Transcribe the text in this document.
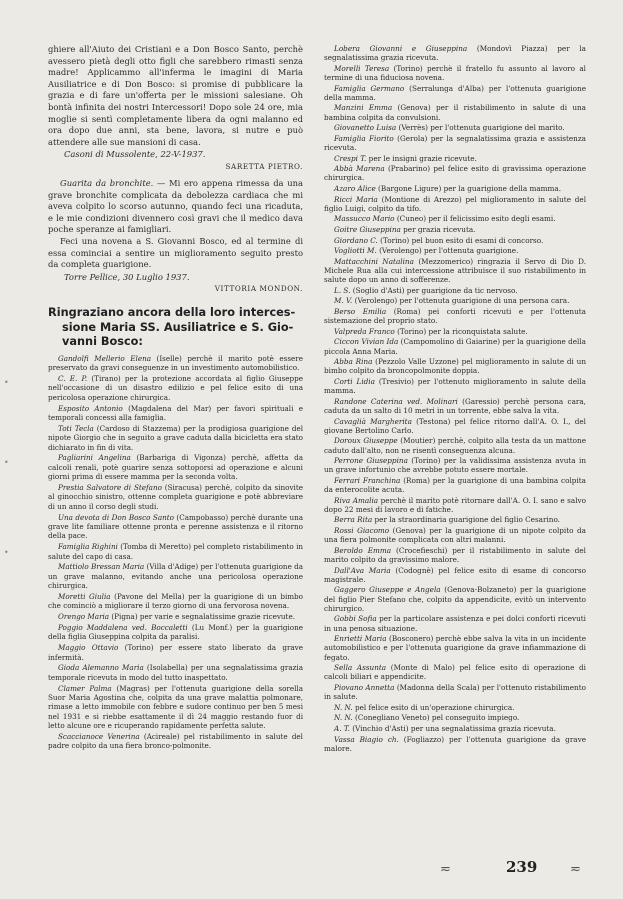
ghiere all'Aiuto dei Cristiani e a Don Bosco Santo, perchè avessero pietà degli otto figli che sarebbero rimasti senza madre! Applicammo all'inferma le imagini di Maria Ausiliatrice e di Don Bosco: si promise di pubblicare la grazia e di fare un'offerta per le missioni salesiane. Oh bontà infinita dei nostri Intercessori! Dopo sole 24 ore, mia moglie si sentì completamente libera da ogni malanno ed ora dopo due anni, sta bene, lavora, si nutre e può attendere alle sue mansioni di casa.

Casoni di Mussolente, 22-V-1937.

SARETTA PIETRO.

Guarita da bronchite. — Mi ero appena rimessa da una grave bronchite complicata da debolezza cardiaca che mi aveva colpito lo scorso autunno, quando feci una ricaduta, e le mie condizioni divennero così gravi che il medico dava poche speranze ai famigliari.

Feci una novena a S. Giovanni Bosco, ed al termine di essa cominciai a sentire un miglioramento seguito presto da completa guarigione.

Torre Pellice, 30 Luglio 1937.

VITTORIA MONDON.

Ringraziano ancora della loro interces-
sione Maria SS. Ausiliatrice e S. Gio-
vanni Bosco:

Gandolfi Mellerio Elena (Iselle) perchè il marito potè essere preservato da gravi conseguenze in un investimento automobilistico.

C. E. P. (Tirano) per la protezione accordata al figlio Giuseppe nell'occasione di un disastro edilizio e pel felice esito di una pericolosa operazione chirurgica.

Esposito Antonio (Magdalena del Mar) per favori spirituali e temporali concessi alla famiglia.

Toti Tecla (Cardoso di Stazzema) per la prodigiosa guarigione del nipote Giorgio che in seguito a grave caduta dalla bicicletta era stato dichiarato in fin di vita.

Pagliarini Angelina (Barbariga di Vigonza) perchè, affetta da calcoli renali, potè guarire senza sottoporsi ad operazione e alcuni giorni prima di essere mamma per la seconda volta.

Prestia Salvatore di Stefano (Siracusa) perchè, colpito da sinovite al ginocchio sinistro, ottenne completa guarigione e potè abbreviare di un anno il corso degli studi.

Una devota di Don Bosco Santo (Campobasso) perchè durante una grave lite familiare ottenne pronta e perenne assistenza e il ritorno della pace.

Famiglia Righini (Tomba di Meretto) pel completo ristabilimento in salute del capo di casa.

Mattiolo Bressan Maria (Villa d'Adige) per l'ottenuta guarigione da un grave malanno, evitando anche una pericolosa operazione chirurgica.

Moretti Giulia (Pavone del Mella) per la guarigione di un bimbo che cominciò a migliorare il terzo giorno di una fervorosa novena.

Orengo Maria (Pigna) per varie e segnalatissime grazie ricevute.

Poggio Maddalena ved. Boccaletti (Lu Monf.) per la guarigione della figlia Giuseppina colpita da paralisi.

Maggio Ottavio (Torino) per essere stato liberato da grave infermità.

Gioda Alemanno Maria (Isolabella) per una segnalatissima grazia temporale ricevuta in modo del tutto inaspettato.

Clamer Palma (Magras) per l'ottenuta guarigione della sorella Suor Maria Agostina che, colpita da una grave malattia polmonare, rimase a letto immobile con febbre e sudore continuo per ben 5 mesi nel 1931 e si riebbe esattamente il dì 24 maggio restando fuor di letto alcune ore e ricuperando rapidamente perfetta salute.

Scaccianoce Venerina (Acireale) pel ristabilimento in salute del padre colpito da una fiera bronco-polmonite.

Lobera Giovanni e Giuseppina (Mondovì Piazza) per la segnalatissima grazia ricevuta.

Morelli Teresa (Torino) perchè il fratello fu assunto al lavoro al termine di una fiduciosa novena.

Famiglia Germano (Serralunga d'Alba) per l'ottenuta guarigione della mamma.

Manzini Emma (Genova) per il ristabilimento in salute di una bambina colpita da convulsioni.

Giovanetto Luisa (Verrès) per l'ottenuta guarigione del marito.

Famiglia Fiorito (Gerola) per la segnalatissima grazia e assistenza ricevuta.

Crespi T. per le insigni grazie ricevute.

Abbà Marena (Prabarino) pel felice esito di gravissima operazione chirurgica.

Azaro Alice (Bargone Ligure) per la guarigione della mamma.

Ricci Maria (Montione di Arezzo) pel miglioramento in salute del figlio Luigi, colpito da tifo.

Massucco Mario (Cuneo) per il felicissimo esito degli esami.

Goitre Giuseppina per grazia ricevuta.

Giordano C. (Torino) pel buon esito di esami di concorso.

Vogliotti M. (Verolengo) per l'ottenuta guarigione.

Mattacchini Natalina (Mezzomerico) ringrazia il Servo di Dio D. Michele Rua alla cui intercessione attribuisce il suo ristabilimento in salute dopo un anno di sofferenze.

L. S. (Soglio d'Asti) per guarigione da tic nervoso.

M. V. (Verolengo) per l'ottenuta guarigione di una persona cara.

Berso Emilia (Roma) pei conforti ricevuti e per l'ottenuta sistemazione del proprio stato.

Valpreda Franco (Torino) per la riconquistata salute.

Ciccon Vivian Ida (Campomolino di Gaiarine) per la guarigione della piccola Anna Maria.

Abba Rina (Pezzolo Valle Uzzone) pel miglioramento in salute di un bimbo colpito da broncopolmonite doppia.

Corti Lidia (Tresivio) per l'ottenuto miglioramento in salute della mamma.

Randone Caterina ved. Molinari (Garessio) perchè persona cara, caduta da un salto di 10 metri in un torrente, ebbe salva la vita.

Cavaglià Margherita (Testona) pel felice ritorno dall'A. O. I., del giovane Bertolino Carlo.

Doroux Giuseppe (Moutier) perchè, colpito alla testa da un mattone caduto dall'alto, non ne risentì conseguenza alcuna.

Perrone Giuseppina (Torino) per la validissima assistenza avuta in un grave infortunio che avrebbe potuto essere mortale.

Ferrari Franchina (Roma) per la guarigione di una bambina colpita da enterocolite acuta.

Riva Amalia perchè il marito potè ritornare dall'A. O. I. sano e salvo dopo 22 mesi di lavoro e di fatiche.

Berra Rita per la straordinaria guarigione del figlio Cesarino.

Rossi Giacomo (Genova) per la guarigione di un nipote colpito da una fiera polmonite complicata con altri malanni.

Beroldo Emma (Crocefieschi) per il ristabilimento in salute del marito colpito da gravissimo malore.

Dall'Ava Maria (Codognè) pel felice esito di esame di concorso magistrale.

Gaggero Giuseppe e Angela (Genova-Bolzaneto) per la guarigione del figlio Pier Stefano che, colpito da appendicite, evitò un intervento chirurgico.

Gobbi Sofia per la particolare assistenza e pei dolci conforti ricevuti in una penosa situazione.

Enrietti Maria (Bosconero) perchè ebbe salva la vita in un incidente automobilistico e per l'ottenuta guarigione da grave infiammazione di fegato.

Sella Assunta (Monte di Malo) pel felice esito di operazione di calcoli biliari e appendicite.

Piovano Annetta (Madonna della Scala) per l'ottenuto ristabilimento in salute.

N. N. pel felice esito di un'operazione chirurgica.

N. N. (Conegliano Veneto) pel conseguito impiego.

A. T. (Vinchio d'Asti) per una segnalatissima grazia ricevuta.

Vassa Biagio ch. (Fogliazzo) per l'ottenuta guarigione da grave malore.

•
•
•
≂	239	≂
